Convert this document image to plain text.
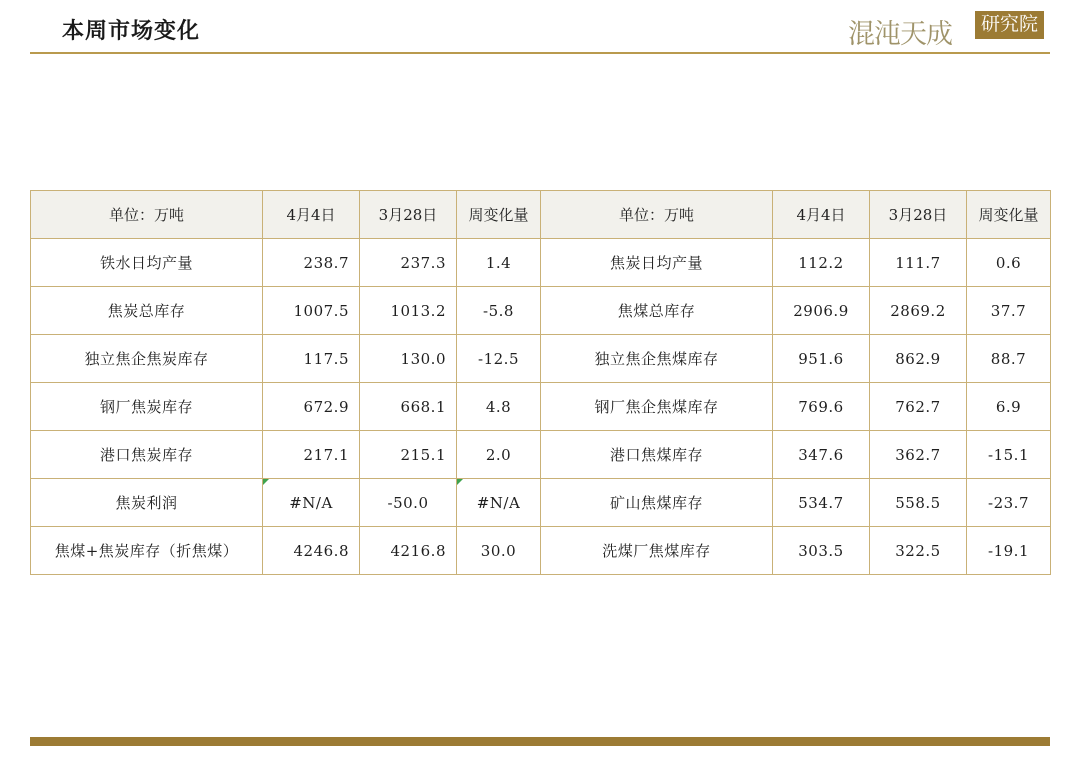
本周市场变化	混沌天成	研究院
单位：万吨	4月4日	3月28日	周变化量	单位：万吨	4月4日	3月28日	周变化量
铁水日均产量	238.7	237.3	1.4	焦炭日均产量	112.2	111.7	0.6
焦炭总库存	1007.5	1013.2	-5.8	焦煤总库存	2906.9	2869.2	37.7
独立焦企焦炭库存	117.5	130.0	-12.5	独立焦企焦煤库存	951.6	862.9	88.7
钢厂焦炭库存	672.9	668.1	4.8	钢厂焦企焦煤库存	769.6	762.7	6.9
港口焦炭库存	217.1	215.1	2.0	港口焦煤库存	347.6	362.7	-15.1
焦炭利润	#N/A	-50.0	#N/A	矿山焦煤库存	534.7	558.5	-23.7
焦煤+焦炭库存（折焦煤）	4246.8	4216.8	30.0	洗煤厂焦煤库存	303.5	322.5	-19.1
